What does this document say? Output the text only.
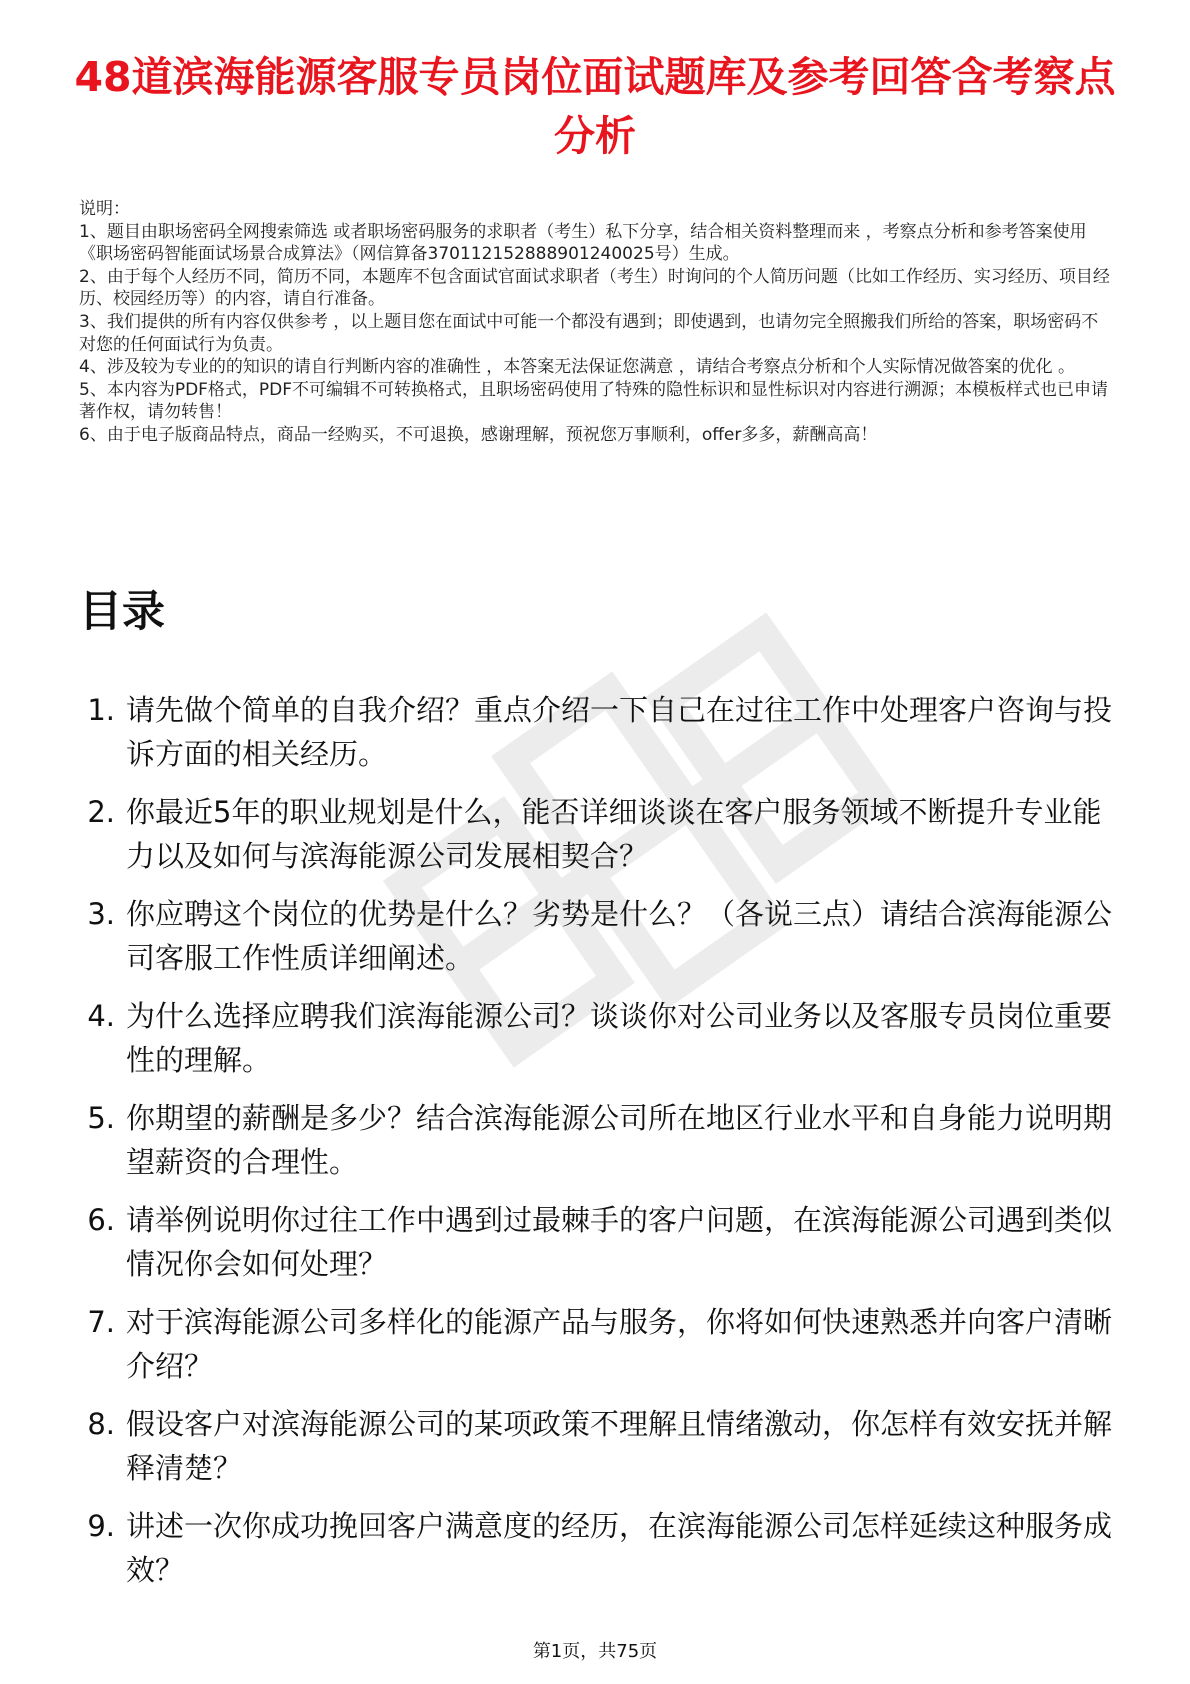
48道滨海能源客服专员岗位面试题库及参考回答含考察点分析

说明：

1、题目由职场密码全网搜索筛选 或者职场密码服务的求职者（考生）私下分享，结合相关资料整理而来 ，考察点分析和参考答案使用《职场密码智能面试场景合成算法》（网信算备370112152888901240025号）生成。

2、由于每个人经历不同，简历不同，本题库不包含面试官面试求职者（考生）时询问的个人简历问题（比如工作经历、实习经历、项目经历、校园经历等）的内容，请自行准备。

3、我们提供的所有内容仅供参考 ，以上题目您在面试中可能一个都没有遇到；即使遇到，也请勿完全照搬我们所给的答案，职场密码不对您的任何面试行为负责。

4、涉及较为专业的的知识的请自行判断内容的准确性 ，本答案无法保证您满意 ，请结合考察点分析和个人实际情况做答案的优化 。

5、本内容为PDF格式，PDF不可编辑不可转换格式，且职场密码使用了特殊的隐性标识和显性标识对内容进行溯源；本模板样式也已申请著作权，请勿转售！

6、由于电子版商品特点，商品一经购买，不可退换，感谢理解，预祝您万事顺利，offer多多，薪酬高高！

目录
1. 请先做个简单的自我介绍？重点介绍一下自己在过往工作中处理客户咨询与投诉方面的相关经历。
2. 你最近5年的职业规划是什么，能否详细谈谈在客户服务领域不断提升专业能力以及如何与滨海能源公司发展相契合？
3. 你应聘这个岗位的优势是什么？劣势是什么？（各说三点）请结合滨海能源公司客服工作性质详细阐述。
4. 为什么选择应聘我们滨海能源公司？谈谈你对公司业务以及客服专员岗位重要性的理解。
5. 你期望的薪酬是多少？结合滨海能源公司所在地区行业水平和自身能力说明期望薪资的合理性。
6. 请举例说明你过往工作中遇到过最棘手的客户问题，在滨海能源公司遇到类似情况你会如何处理？
7. 对于滨海能源公司多样化的能源产品与服务，你将如何快速熟悉并向客户清晰介绍？
8. 假设客户对滨海能源公司的某项政策不理解且情绪激动，你怎样有效安抚并解释清楚？
9. 讲述一次你成功挽回客户满意度的经历，在滨海能源公司怎样延续这种服务成效？
第1页，共75页
